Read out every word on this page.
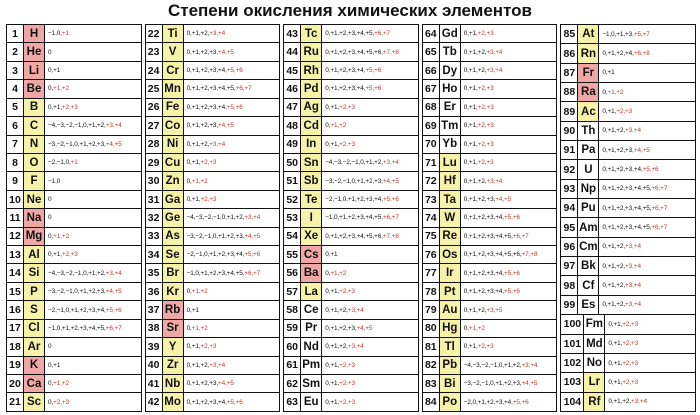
Степени окисления химических элементов
1	H	−1, 0, +1
2 He	0
3 Li	0, +1
4 Be	0, +1, +2
5	B	0, +1, +2, +3
6	C	−4, −3, −2, −1, 0, +1, +2, +3, +4
7	N	−3, −2, −1, 0, +1, +2, +3, +4, +5
8	O	−2, −1, 0, +1
9	F	−1, 0
10 Ne	0
11 Na	0
12 Mg 0, +1, +2
13 Al	0, +1, +2, +3
14 Si	−4, −3, −2, −1, 0, +1, +2, +3, +4
15 P	−3, −2, −1, 0, +1, +2, +3, +4, +5
16 S	−2, −1, 0, +1, +2, +3, +4, +5, +6
17 Cl	−1, 0, +1, +2, +3, +4, +5, +6, +7
18 Ar	0
19 K	0, +1
20 Ca	0, +1, +2
21 Sc	0, +2, +3
22 Ti	0, +1, +2, +3, +4
23 V	0, +1, +2, +3, +4, +5
24 Cr	0, +1, +2, +3, +4, +5, +6
25 Mn 0, +1, +2, +3, +4, +5, +6, +7
26 Fe	0, +1, +2, +3, +4, +5, +6
27 Co 0, +1, +2, +3, +4, +5
28 Ni	0, +1, +2, +3, +4
29 Cu 0, +1, +2, +3
30 Zn	0, +1, +2
31 Ga 0, +1, +2, +3
32 Ge −4, −3, −2, −1, 0, +1, +2, +3, +4
33 As	−3, −2, −1, 0, +1, +2, +3, +4, +5
34 Se	−2, −1, 0, +1, +2, +3, +4, +5, +6
35 Br	−1, 0, +1, +2, +3, +4, +5, +6, +7
36 Kr	0, +1, +2
37 Rb 0, +1
38 Sr	0, +1, +2
39 Y	0, +1, +2, +3
40 Zr	0, +1, +2, +3, +4
41 Nb 0, +1, +2, +3, +4, +5
42 Mo 0, +1, +2, +3, +4, +5, +6
43 Tc	0, +1, +2, +3, +4, +5, +6, +7
44 Ru 0, +1, +2, +3, +4, +5, +6, +7, +8
45 Rh 0, +1, +2, +3, +4, +5, +6
46 Pd	0, +1, +2, +3, +4, +5, +6
47 Ag 0, +1, +2, +3
48 Cd 0, +1, +2
49 In	0, +1, +2, +3
50 Sn	−4, −3, −2, −1, 0, +1, +2, +3, +4
51 Sb	−3, −2, −1, 0, +1, +2, +3, +4, +5
52 Te	−2, −1, 0, +1, +2, +3, +4, +5, +6
53	I	−1, 0, +1, +2, +3, +4, +5, +6, +7
54 Xe	0, +1, +2, +3, +4, +5, +6, +7, +8
55 Cs	0, +1
56 Ba	0, +1, +2
57 La	0, +1, +2, +3
58 Ce	0, +1, +2, +3, +4
59 Pr	0, +1, +2, +3, +4, +5
60 Nd 0, +1, +2, +3, +4
61 Pm 0, +1, +2, +3
62 Sm 0, +1, +2, +3
63 Eu	0, +1, +2, +3
64 Gd 0, +1, +2, +3
65 Tb	0, +1, +2, +3, +4
66 Dy	0, +1, +2, +3, +4
67 Ho 0, +1, +2, +3
68 Er	0, +1, +2, +3
69 Tm 0, +1, +2, +3
70 Yb	0, +1, +2, +3
71 Lu	0, +1, +2, +3
72 Hf	0, +1, +2, +3, +4
73 Ta	0, +1, +2, +3, +4, +5
74 W	0, +1, +2, +3, +4, +5, +6
75 Re	0, +1, +2, +3, +4, +5, +6, +7
76 Os 0, +1, +2, +3, +4, +5, +6, +7, +8
77 Ir	0, +1, +2, +3, +4, +5, +6
78 Pt	0, +1, +2, +3, +4, +5, +6
79 Au 0, +1, +2, +3, +5
80 Hg 0, +1, +2
81 Tl	0, +1, +2, +3
82 Pb	−4, −3, −2, −1, 0, +1, +2, +3, +4
83 Bi	−3, −2, −1, 0, +1, +2, +3, +4, +5
84 Po	−2, 0, +1, +2, +3, +4, +5, +6
85 At	−1, 0, +1, +3, +5, +7
86 Rn 0, +1, +2, +4, +6, +8
87 Fr	0, +1
88 Ra	0, +1, +2
89 Ac	0, +1, +2, +3
90 Th	0, +1, +2, +3, +4
91 Pa	0, +1, +2, +3, +4, +5
92 U	0, +1, +2, +3, +4, +5, +6
93 Np 0, +1, +2, +3, +4, +5, +6, +7
94 Pu	0, +1, +2, +3, +4, +5, +6, +7
95 Am 0, +1, +2, +3, +4, +5, +6, +7
96 Cm 0, +1, +2, +3, +4
97 Bk	0, +1, +2, +3, +4
98 Cf	0, +1, +2, +3, +4
99 Es	0, +1, +2, +3, +4
100 Fm 0, +1, +2, +3
101 Md 0, +1, +2, +3
102 No 0, +1, +2, +3
103 Lr	0, +1, +2, +3
104 Rf	0, +1, +2, +3, +4
